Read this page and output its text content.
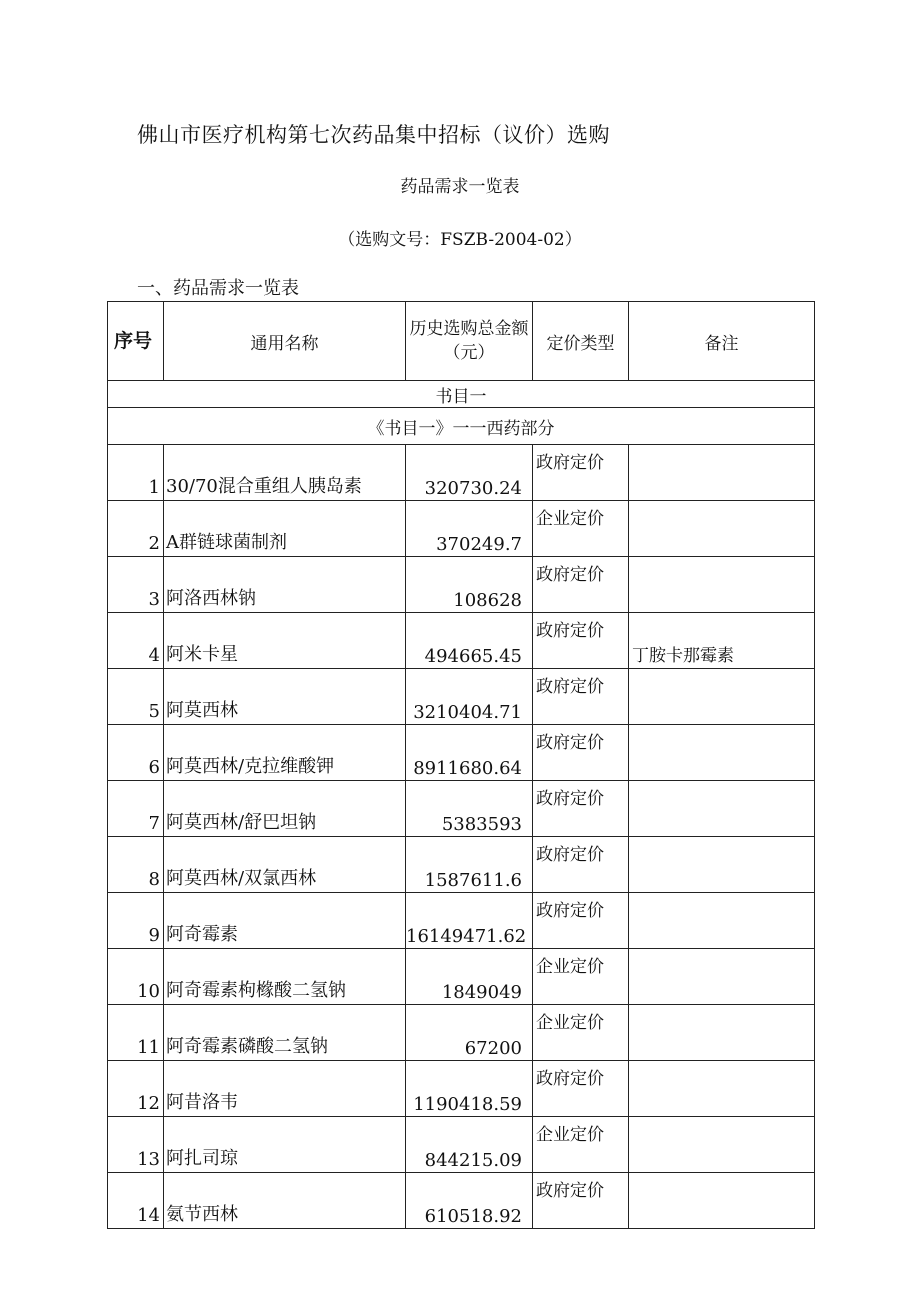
佛山市医疗机构第七次药品集中招标（议价）选购
药品需求一览表
（选购文号：FSZB-2004-02）
一、药品需求一览表
序号	通用名称	历史选购总金额（元）	定价类型	备注
书目一				
《书目一》一一西药部分				
1	30/70混合重组人胰岛素	320730.24	政府定价	
2	A群链球菌制剂	370249.7	企业定价	
3	阿洛西林钠	108628	政府定价	
4	阿米卡星	494665.45	政府定价	丁胺卡那霉素
5	阿莫西林	3210404.71	政府定价	
6	阿莫西林/克拉维酸钾	8911680.64	政府定价	
7	阿莫西林/舒巴坦钠	5383593	政府定价	
8	阿莫西林/双氯西林	1587611.6	政府定价	
9	阿奇霉素	16149471.62	政府定价	
10	阿奇霉素枸橼酸二氢钠	1849049	企业定价	
11	阿奇霉素磷酸二氢钠	67200	企业定价	
12	阿昔洛韦	1190418.59	政府定价	
13	阿扎司琼	844215.09	企业定价	
14	氨节西林	610518.92	政府定价	
